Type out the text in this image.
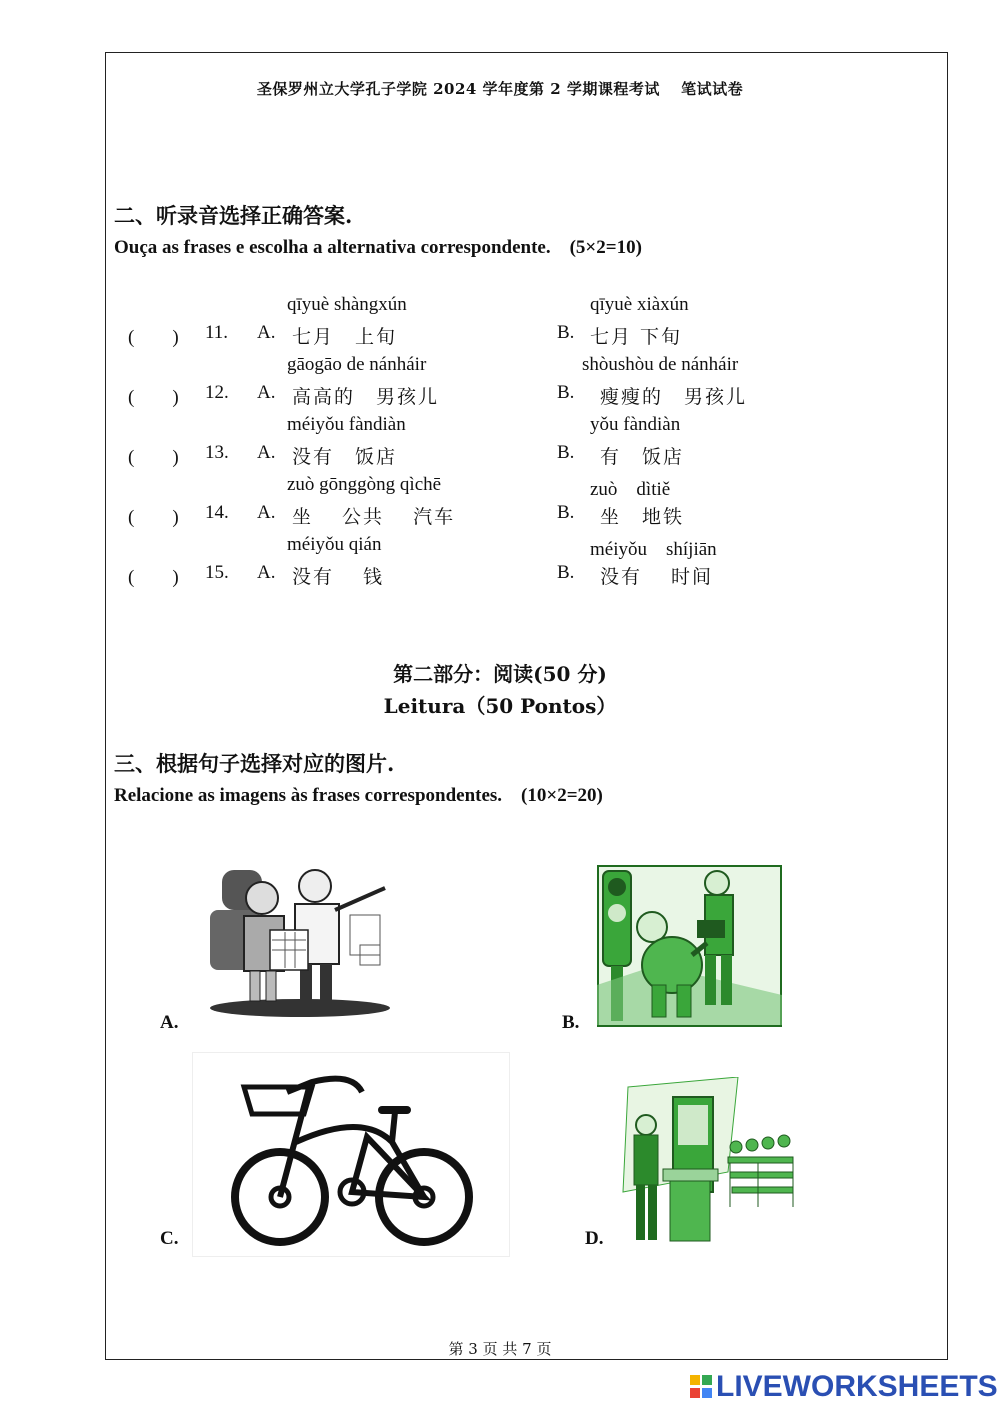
圣保罗州立大学孔子学院 2024 学年度第 2 学期课程考试　 笔试试卷
二、听录音选择正确答案.
Ouça as frases e escolha a alternativa correspondente.　(5×2=10)
qīyuè shàngxún	qīyuè xiàxún
(　　) 11. A. 七月　上旬	B. 七月 下旬
gāogāo de nánháir	shòushòu de nánháir
(　　) 12. A. 高高的　男孩儿	B. 瘦瘦的　男孩儿
méiyǒu fàndiàn	yǒu fàndiàn
(　　) 13. A. 没有　饭店	B. 有　饭店
zuò gōnggòng qìchē	zuò　dìtiě
(　　) 14. A. 坐　 公共　 汽车	B. 坐　地铁
méiyǒu qián	méiyǒu　shíjiān
(　　) 15. A. 没有　 钱	B. 没有　 时间
第二部分：阅读(50 分)
Leitura（50 Pontos）
三、根据句子选择对应的图片.
Relacione as imagens às frases correspondentes.　(10×2=20)
A.	B.
C.	D.
第 3 页 共 7 页
LIVEWORKSHEETS
